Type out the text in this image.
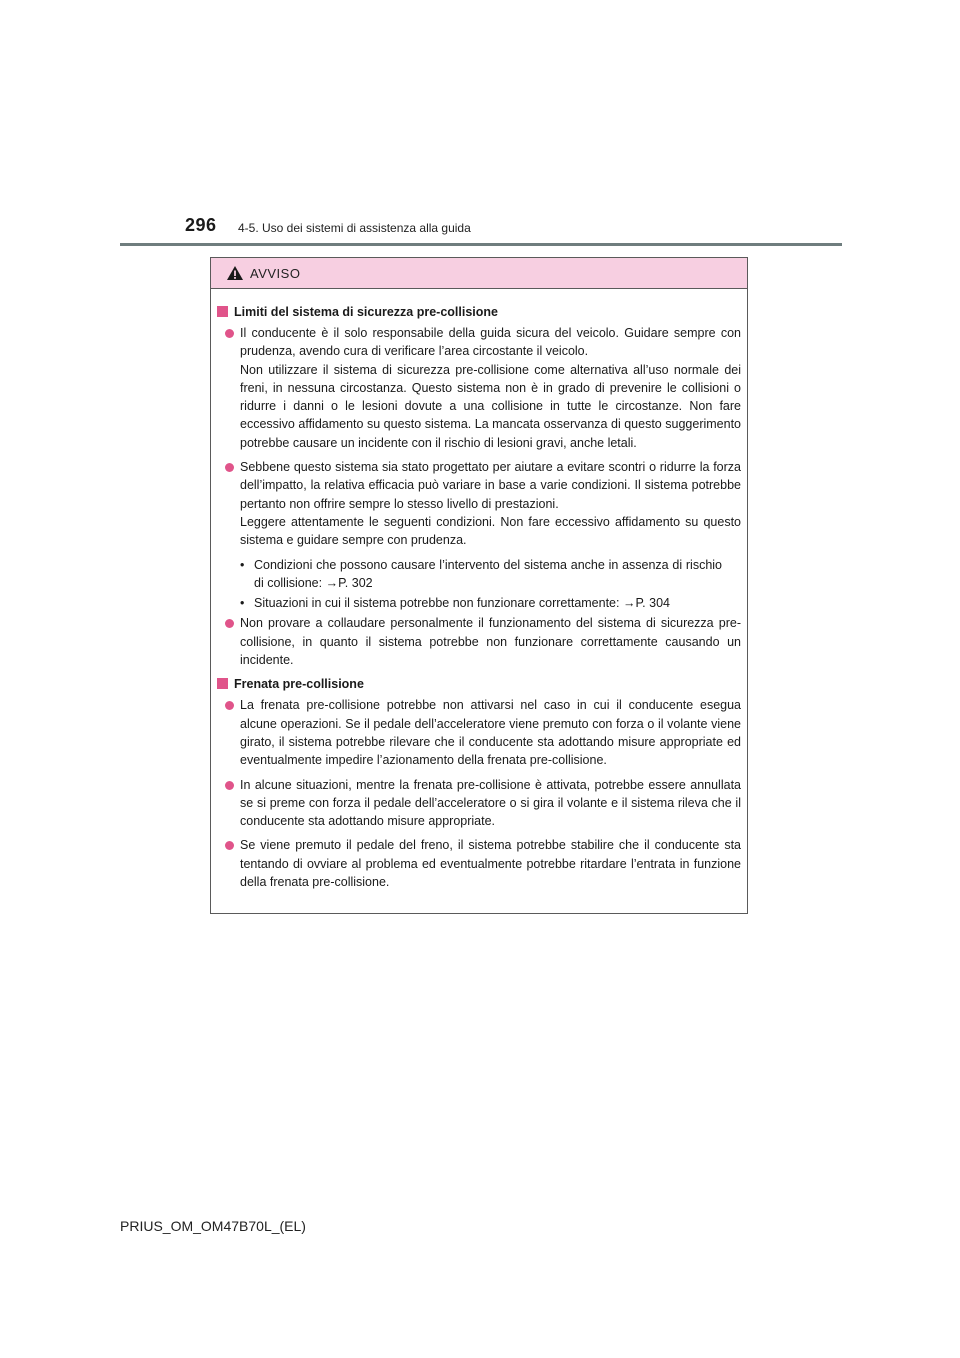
296 4-5. Uso dei sistemi di assistenza alla guida
AVVISO
Limiti del sistema di sicurezza pre-collisione

Il conducente è il solo responsabile della guida sicura del veicolo. Guidare sempre con prudenza, avendo cura di verificare l’area circostante il veicolo.

Non utilizzare il sistema di sicurezza pre-collisione come alternativa all’uso normale dei freni, in nessuna circostanza. Questo sistema non è in grado di prevenire le collisioni o ridurre i danni o le lesioni dovute a una collisione in tutte le circostanze. Non fare eccessivo affidamento su questo sistema. La mancata osservanza di questo suggerimento potrebbe causare un incidente con il rischio di lesioni gravi, anche letali.

Sebbene questo sistema sia stato progettato per aiutare a evitare scontri o ridurre la forza dell’impatto, la relativa efficacia può variare in base a varie condizioni. Il sistema potrebbe pertanto non offrire sempre lo stesso livello di prestazioni.

Leggere attentamente le seguenti condizioni. Non fare eccessivo affidamento su questo sistema e guidare sempre con prudenza.

• Condizioni che possono causare l’intervento del sistema anche in assenza di rischio di collisione: →P. 302
• Situazioni in cui il sistema potrebbe non funzionare correttamente: →P. 304

Non provare a collaudare personalmente il funzionamento del sistema di sicurezza pre-collisione, in quanto il sistema potrebbe non funzionare correttamente causando un incidente.

Frenata pre-collisione

La frenata pre-collisione potrebbe non attivarsi nel caso in cui il conducente esegua alcune operazioni. Se il pedale dell’acceleratore viene premuto con forza o il volante viene girato, il sistema potrebbe rilevare che il conducente sta adottando misure appropriate ed eventualmente impedire l’azionamento della frenata pre-collisione.

In alcune situazioni, mentre la frenata pre-collisione è attivata, potrebbe essere annullata se si preme con forza il pedale dell’acceleratore o si gira il volante e il sistema rileva che il conducente sta adottando misure appropriate.

Se viene premuto il pedale del freno, il sistema potrebbe stabilire che il conducente sta tentando di ovviare al problema ed eventualmente potrebbe ritardare l’entrata in funzione della frenata pre-collisione.

PRIUS_OM_OM47B70L_(EL)
